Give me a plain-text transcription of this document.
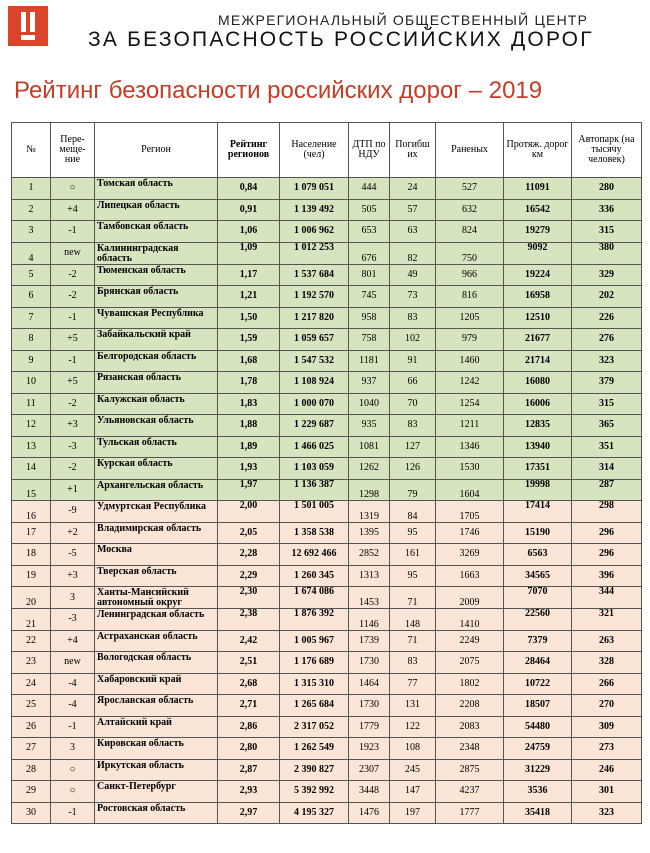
МЕЖРЕГИОНАЛЬНЫЙ ОБЩЕСТВЕННЫЙ ЦЕНТР
ЗА БЕЗОПАСНОСТЬ РОССИЙСКИХ ДОРОГ
Рейтинг безопасности российских дорог – 2019
№	Пере-меще-ние	Регион	Рейтинг регионов	Население (чел)	ДТП по НДУ	Погибш их	Раненых	Протяж. дорог км	Автопарк (на тысячу человек)
1	○	Томская область	0,84	1 079 051	444	24	527	11091	280
2	+4	Липецкая область	0,91	1 139 492	505	57	632	16542	336
3	-1	Тамбовская область	1,06	1 006 962	653	63	824	19279	315
4	new	Калининградская область	1,09	1 012 253	676	82	750	9092	380
5	-2	Тюменская область	1,17	1 537 684	801	49	966	19224	329
6	-2	Брянская область	1,21	1 192 570	745	73	816	16958	202
7	-1	Чувашская Республика	1,50	1 217 820	958	83	1205	12510	226
8	+5	Забайкальский край	1,59	1 059 657	758	102	979	21677	276
9	-1	Белгородская область	1,68	1 547 532	1181	91	1460	21714	323
10	+5	Рязанская область	1,78	1 108 924	937	66	1242	16080	379
11	-2	Калужская область	1,83	1 000 070	1040	70	1254	16006	315
12	+3	Ульяновская область	1,88	1 229 687	935	83	1211	12835	365
13	-3	Тульская область	1,89	1 466 025	1081	127	1346	13940	351
14	-2	Курская область	1,93	1 103 059	1262	126	1530	17351	314
15	+1	Архангельская область	1,97	1 136 387	1298	79	1604	19998	287
16	-9	Удмуртская Республика	2,00	1 501 005	1319	84	1705	17414	298
17	+2	Владимирская область	2,05	1 358 538	1395	95	1746	15190	296
18	-5	Москва	2,28	12 692 466	2852	161	3269	6563	296
19	+3	Тверская область	2,29	1 260 345	1313	95	1663	34565	396
20	3	Ханты-Мансийский автономный округ	2,30	1 674 086	1453	71	2009	7070	344
21	-3	Ленинградская область	2,38	1 876 392	1146	148	1410	22560	321
22	+4	Астраханская область	2,42	1 005 967	1739	71	2249	7379	263
23	new	Вологодская область	2,51	1 176 689	1730	83	2075	28464	328
24	-4	Хабаровский край	2,68	1 315 310	1464	77	1802	10722	266
25	-4	Ярославская область	2,71	1 265 684	1730	131	2208	18507	270
26	-1	Алтайский край	2,86	2 317 052	1779	122	2083	54480	309
27	3	Кировская область	2,80	1 262 549	1923	108	2348	24759	273
28	○	Иркутская область	2,87	2 390 827	2307	245	2875	31229	246
29	○	Санкт-Петербург	2,93	5 392 992	3448	147	4237	3536	301
30	-1	Ростовская область	2,97	4 195 327	1476	197	1777	35418	323
